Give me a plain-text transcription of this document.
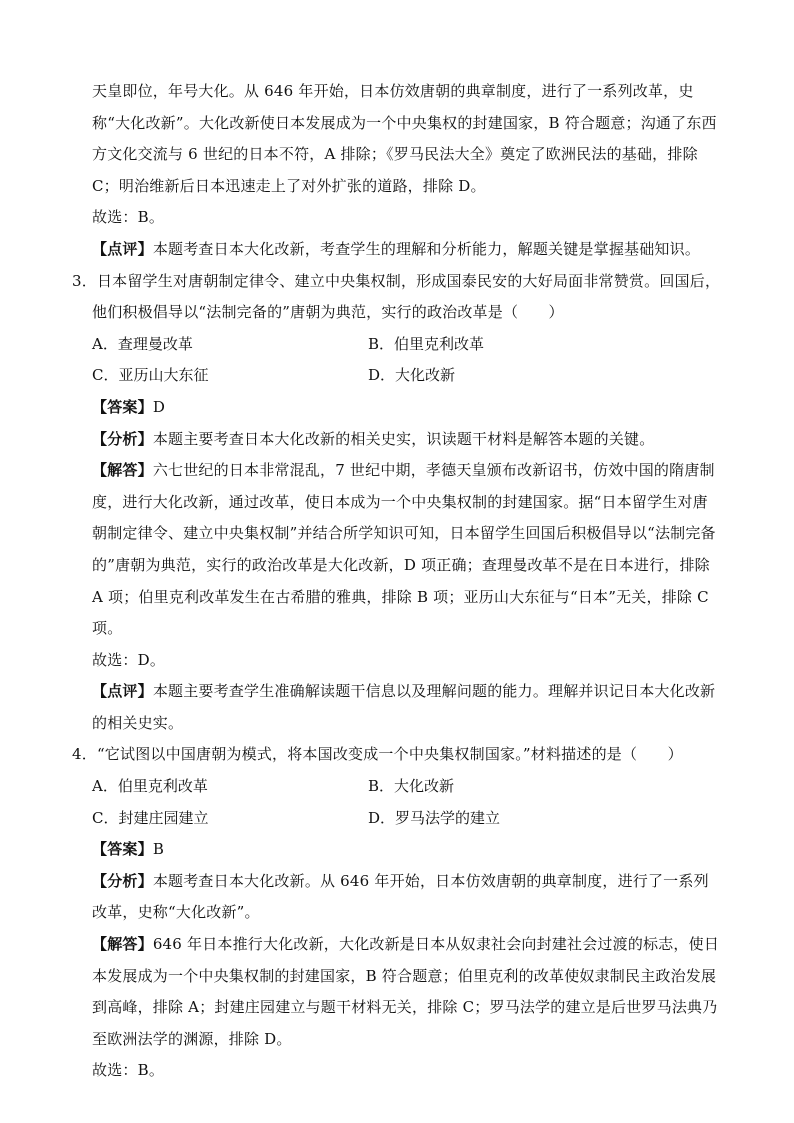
天皇即位，年号大化。从 646 年开始，日本仿效唐朝的典章制度，进行了一系列改革，史称“大化改新”。大化改新使日本发展成为一个中央集权的封建国家，B 符合题意；沟通了东西方文化交流与 6 世纪的日本不符，A 排除；《罗马民法大全》奠定了欧洲民法的基础，排除 C；明治维新后日本迅速走上了对外扩张的道路，排除 D。

故选：B。

【点评】本题考查日本大化改新，考查学生的理解和分析能力，解题关键是掌握基础知识。

3．日本留学生对唐朝制定律令、建立中央集权制，形成国泰民安的大好局面非常赞赏。回国后，他们积极倡导以“法制完备的”唐朝为典范，实行的政治改革是（　　）

A．查理曼改革	B．伯里克利改革
C．亚历山大东征	D．大化改新

【答案】D

【分析】本题主要考查日本大化改新的相关史实，识读题干材料是解答本题的关键。

【解答】六七世纪的日本非常混乱，7 世纪中期，孝德天皇颁布改新诏书，仿效中国的隋唐制度，进行大化改新，通过改革，使日本成为一个中央集权制的封建国家。据“日本留学生对唐朝制定律令、建立中央集权制”并结合所学知识可知，日本留学生回国后积极倡导以“法制完备的”唐朝为典范，实行的政治改革是大化改新，D 项正确；查理曼改革不是在日本进行，排除 A 项；伯里克利改革发生在古希腊的雅典，排除 B 项；亚历山大东征与“日本”无关，排除 C 项。

故选：D。

【点评】本题主要考查学生准确解读题干信息以及理解问题的能力。理解并识记日本大化改新的相关史实。

4．“它试图以中国唐朝为模式，将本国改变成一个中央集权制国家。”材料描述的是（　　）

A．伯里克利改革	B．大化改新
C．封建庄园建立	D．罗马法学的建立

【答案】B

【分析】本题考查日本大化改新。从 646 年开始，日本仿效唐朝的典章制度，进行了一系列改革，史称“大化改新”。

【解答】646 年日本推行大化改新，大化改新是日本从奴隶社会向封建社会过渡的标志，使日本发展成为一个中央集权制的封建国家，B 符合题意；伯里克利的改革使奴隶制民主政治发展到高峰，排除 A；封建庄园建立与题干材料无关，排除 C；罗马法学的建立是后世罗马法典乃至欧洲法学的渊源，排除 D。

故选：B。
